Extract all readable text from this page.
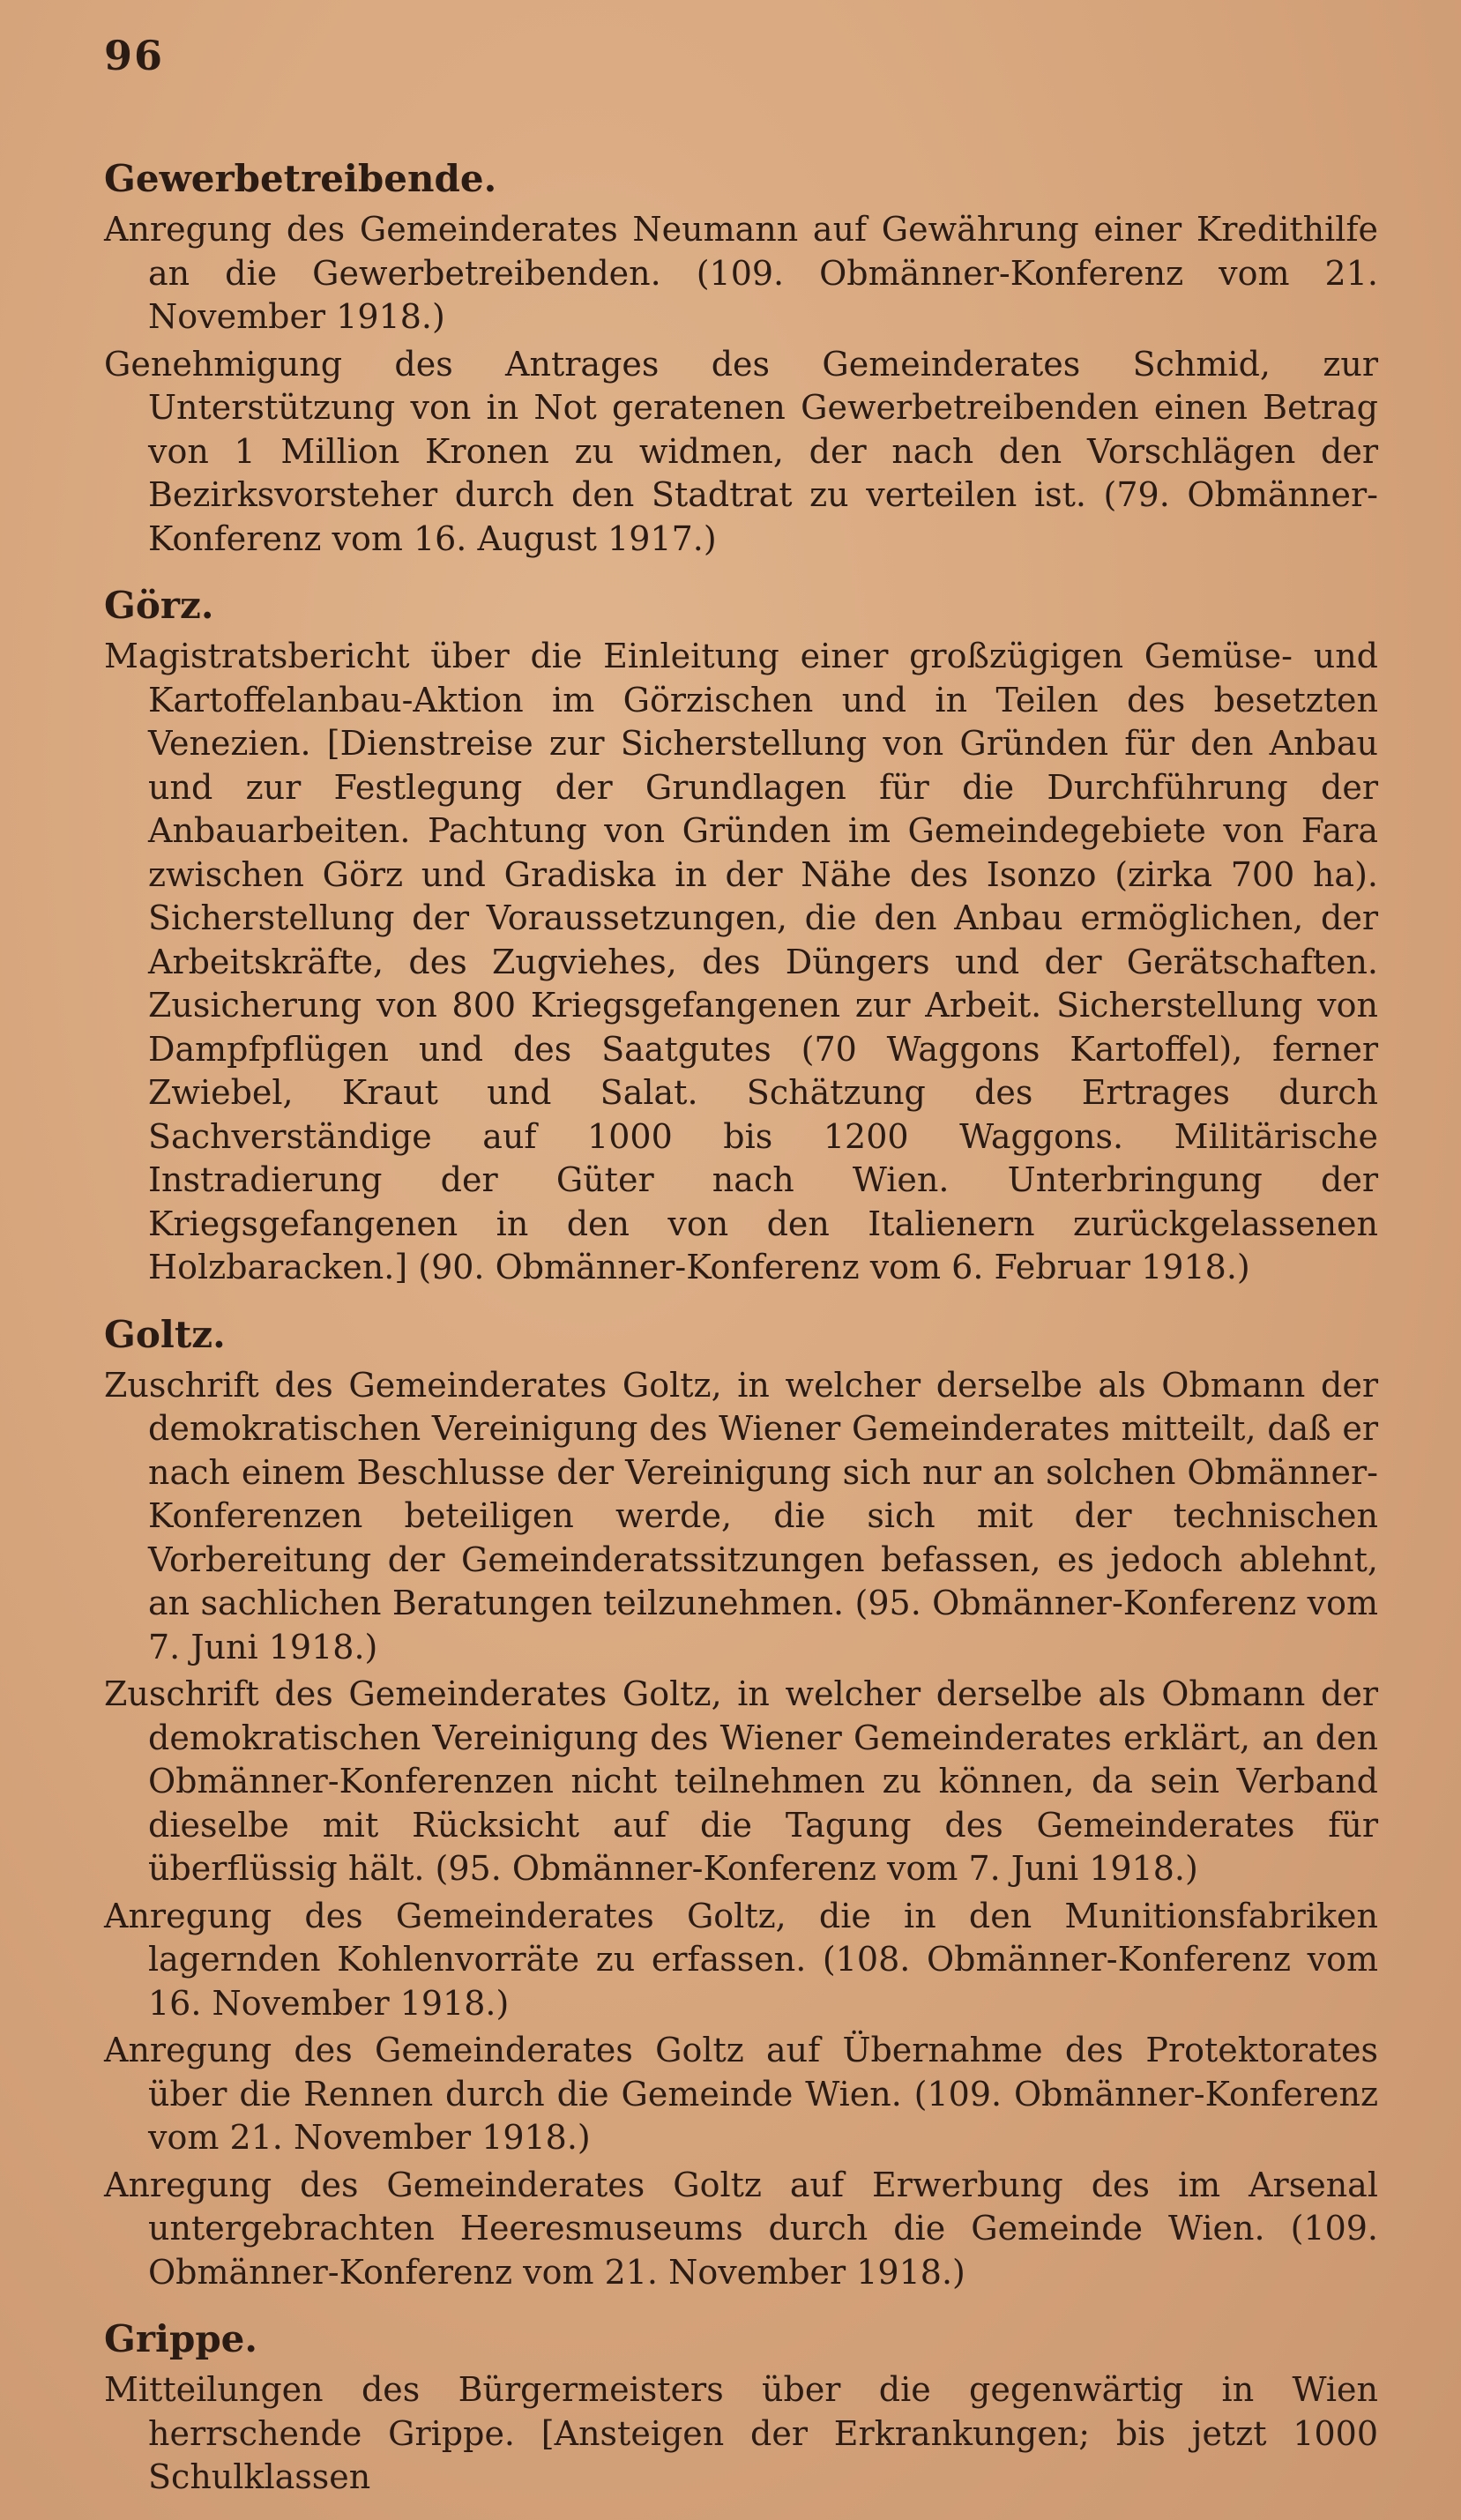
96
Gewerbetreibende.

Anregung des Gemeinderates Neumann auf Gewährung einer Kredithilfe an die Gewerbetreibenden. (109. Obmänner-Konferenz vom 21. November 1918.)

Genehmigung des Antrages des Gemeinderates Schmid, zur Unterstützung von in Not geratenen Gewerbetreibenden einen Betrag von 1 Million Kronen zu widmen, der nach den Vorschlägen der Bezirksvorsteher durch den Stadtrat zu verteilen ist. (79. Obmänner-Konferenz vom 16. August 1917.)

Görz.

Magistratsbericht über die Einleitung einer großzügigen Gemüse- und Kartoffelanbau-Aktion im Görzischen und in Teilen des besetzten Venezien. [Dienstreise zur Sicherstellung von Gründen für den Anbau und zur Festlegung der Grundlagen für die Durchführung der Anbauarbeiten. Pachtung von Gründen im Gemeindegebiete von Fara zwischen Görz und Gradiska in der Nähe des Isonzo (zirka 700 ha). Sicherstellung der Voraussetzungen, die den Anbau ermöglichen, der Arbeitskräfte, des Zugviehes, des Düngers und der Gerätschaften. Zusicherung von 800 Kriegsgefangenen zur Arbeit. Sicherstellung von Dampfpflügen und des Saatgutes (70 Waggons Kartoffel), ferner Zwiebel, Kraut und Salat. Schätzung des Ertrages durch Sachverständige auf 1000 bis 1200 Waggons. Militärische Instradierung der Güter nach Wien. Unterbringung der Kriegsgefangenen in den von den Italienern zurückgelassenen Holzbaracken.] (90. Obmänner-Konferenz vom 6. Februar 1918.)

Goltz.

Zuschrift des Gemeinderates Goltz, in welcher derselbe als Obmann der demokratischen Vereinigung des Wiener Gemeinderates mitteilt, daß er nach einem Beschlusse der Vereinigung sich nur an solchen Obmänner-Konferenzen beteiligen werde, die sich mit der technischen Vorbereitung der Gemeinderatssitzungen befassen, es jedoch ablehnt, an sachlichen Beratungen teilzunehmen. (95. Obmänner-Konferenz vom 7. Juni 1918.)

Zuschrift des Gemeinderates Goltz, in welcher derselbe als Obmann der demokratischen Vereinigung des Wiener Gemeinderates erklärt, an den Obmänner-Konferenzen nicht teilnehmen zu können, da sein Verband dieselbe mit Rücksicht auf die Tagung des Gemeinderates für überflüssig hält. (95. Obmänner-Konferenz vom 7. Juni 1918.)

Anregung des Gemeinderates Goltz, die in den Munitionsfabriken lagernden Kohlenvorräte zu erfassen. (108. Obmänner-Konferenz vom 16. November 1918.)

Anregung des Gemeinderates Goltz auf Übernahme des Protektorates über die Rennen durch die Gemeinde Wien. (109. Obmänner-Konferenz vom 21. November 1918.)

Anregung des Gemeinderates Goltz auf Erwerbung des im Arsenal untergebrachten Heeresmuseums durch die Gemeinde Wien. (109. Obmänner-Konferenz vom 21. November 1918.)

Grippe.

Mitteilungen des Bürgermeisters über die gegenwärtig in Wien herrschende Grippe. [Ansteigen der Erkrankungen; bis jetzt 1000 Schulklassen
